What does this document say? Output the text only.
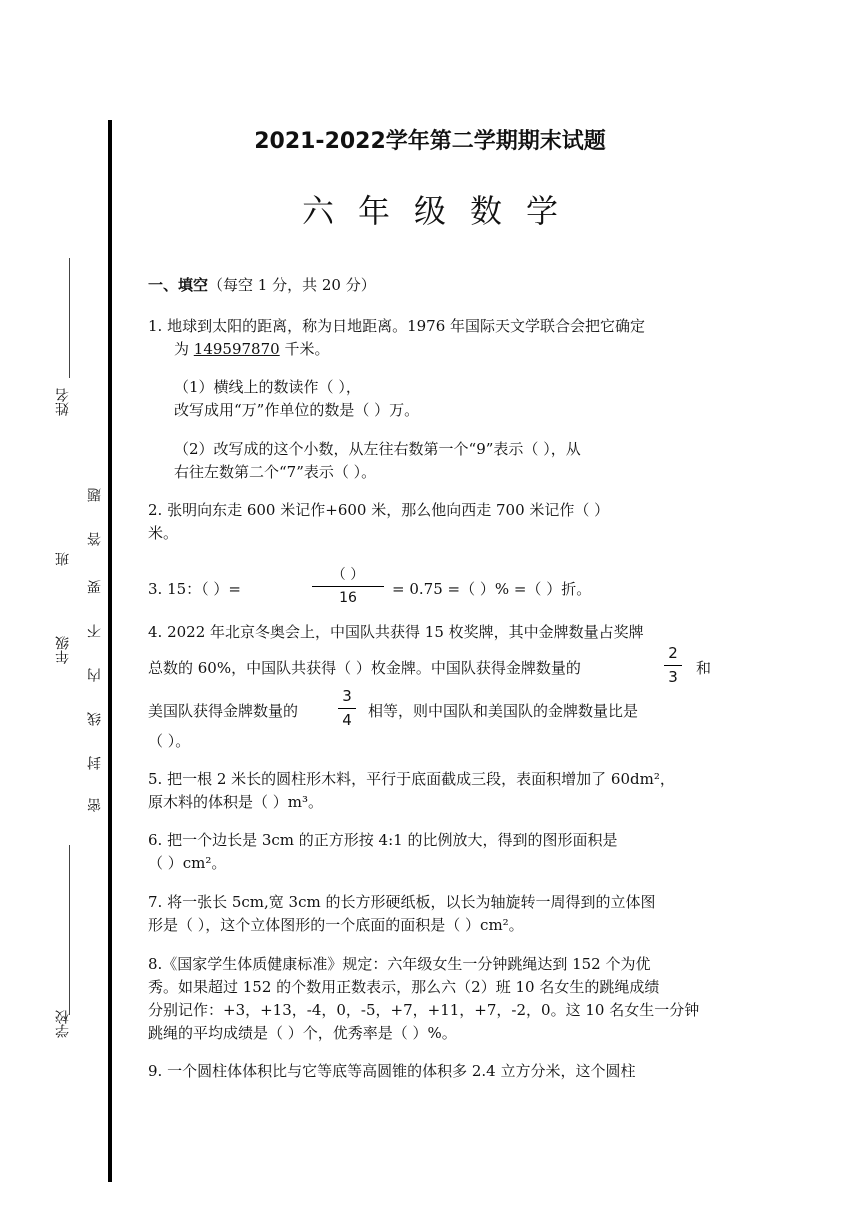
姓名
班
年级
学校
密
封
线
内
不
要
答
题
2021-2022学年第二学期期末试题
六年级数学
一、填空（每空 1 分，共 20 分）
1. 地球到太阳的距离，称为日地距离。1976 年国际天文学联合会把它确定
为 149597870 千米。
（1）横线上的数读作（ ），
改写成用“万”作单位的数是（ ）万。
（2）改写成的这个小数，从左往右数第一个“9”表示（ ），从
右往左数第二个“7”表示（ ）。
2. 张明向东走 600 米记作+600 米，那么他向西走 700 米记作（ ）
米。
3. 15：（ ）=
（ ）
16	= 0.75 =（ ）% =（ ）折。
4. 2022 年北京冬奥会上，中国队共获得 15 枚奖牌，其中金牌数量占奖牌
总数的 60%，中国队共获得（ ）枚金牌。中国队获得金牌数量的
2
3	和
美国队获得金牌数量的
3
4	相等，则中国队和美国队的金牌数量比是
（ ）。
5. 把一根 2 米长的圆柱形木料，平行于底面截成三段，表面积增加了 60dm²，
原木料的体积是（ ）m³。
6. 把一个边长是 3cm 的正方形按 4:1 的比例放大，得到的图形面积是
（ ）cm²。
7. 将一张长 5cm,宽 3cm 的长方形硬纸板，以长为轴旋转一周得到的立体图
形是（ ），这个立体图形的一个底面的面积是（ ）cm²。
8.《国家学生体质健康标准》规定：六年级女生一分钟跳绳达到 152 个为优
秀。如果超过 152 的个数用正数表示，那么六（2）班 10 名女生的跳绳成绩
分别记作：+3，+13，-4，0，-5，+7，+11，+7，-2，0。这 10 名女生一分钟
跳绳的平均成绩是（ ）个，优秀率是（ ）%。
9. 一个圆柱体体积比与它等底等高圆锥的体积多 2.4 立方分米，这个圆柱
